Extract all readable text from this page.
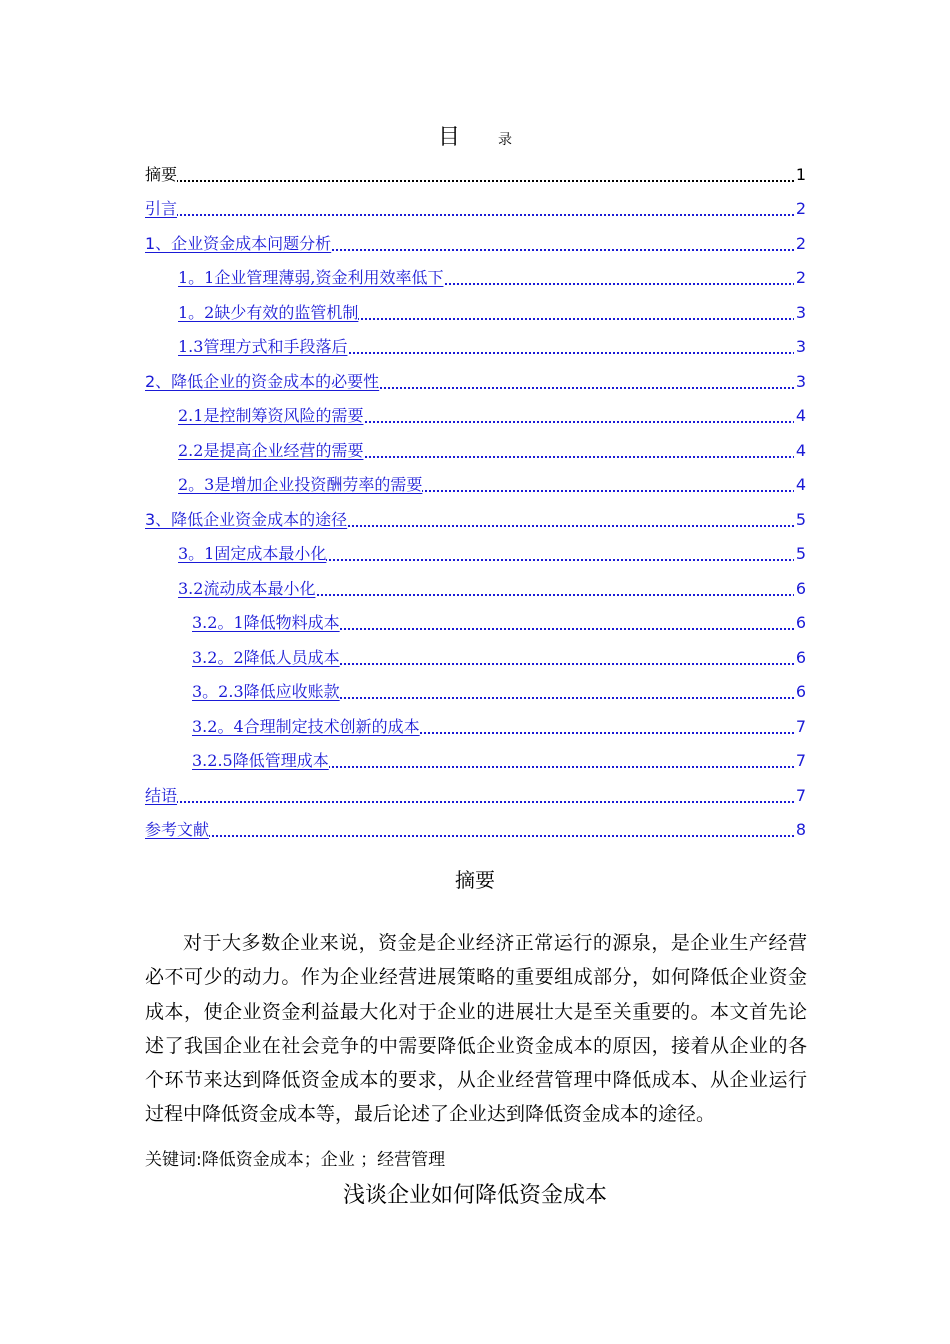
目	录
摘要	1
引言	2
1、企业资金成本问题分析	2
1。1企业管理薄弱,资金利用效率低下	2
1。2缺少有效的监管机制	3
1.3管理方式和手段落后	3
2、降低企业的资金成本的必要性	3
2.1是控制筹资风险的需要	4
2.2是提高企业经营的需要	4
2。3是增加企业投资酬劳率的需要	4
3、降低企业资金成本的途径	5
3。1固定成本最小化	5
3.2流动成本最小化	6
3.2。1降低物料成本	6
3.2。2降低人员成本	6
3。2.3降低应收账款	6
3.2。4合理制定技术创新的成本	7
3.2.5降低管理成本	7
结语	7
参考文献	8
摘要
对于大多数企业来说，资金是企业经济正常运行的源泉，是企业生产经营必不可少的动力。作为企业经营进展策略的重要组成部分，如何降低企业资金成本，使企业资金利益最大化对于企业的进展壮大是至关重要的。本文首先论述了我国企业在社会竞争的中需要降低企业资金成本的原因，接着从企业的各个环节来达到降低资金成本的要求，从企业经营管理中降低成本、从企业运行过程中降低资金成本等，最后论述了企业达到降低资金成本的途径。
关键词:降低资金成本；企业 ；经营管理
浅谈企业如何降低资金成本
